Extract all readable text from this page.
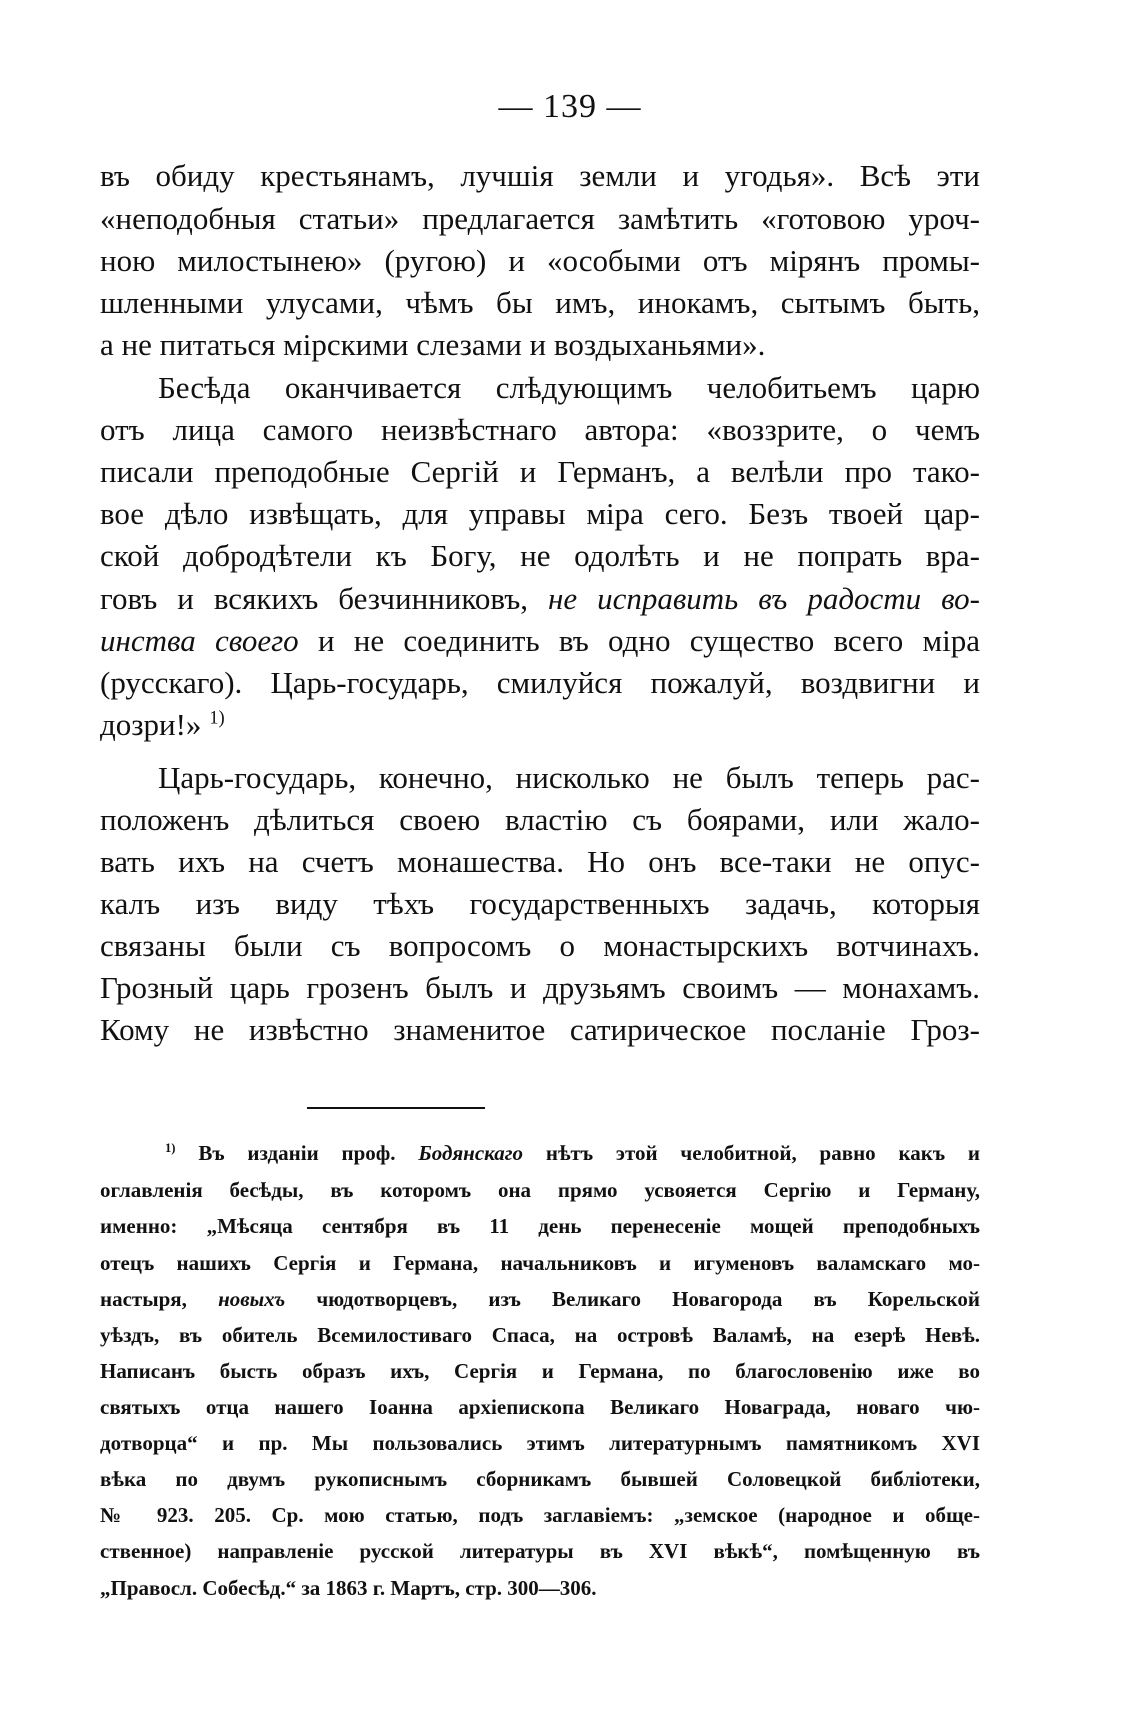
— 139 —
въ обиду крестьянамъ, лучшія земли и угодья». Всѣ эти
«неподобныя статьи» предлагается замѣтить «готовою уроч-
ною милостынею» (ругою) и «особыми отъ мірянъ промы-
шленными улусами, чѣмъ бы имъ, инокамъ, сытымъ быть,
а не питаться мірскими слезами и воздыханьями».
Бесѣда оканчивается слѣдующимъ челобитьемъ царю
отъ лица самого неизвѣстнаго автора: «воззрите, о чемъ
писали преподобные Сергій и Германъ, а велѣли про тако-
вое дѣло извѣщать, для управы міра сего. Безъ твоей цар-
ской добродѣтели къ Богу, не одолѣть и не попрать вра-
говъ и всякихъ безчинниковъ, не исправить въ радости во-
инства своего и не соединить въ одно существо всего міра
(русскаго). Царь-государь, смилуйся пожалуй, воздвигни и
дозри!» $^{1)}$
Царь-государь, конечно, нисколько не былъ теперь рас-
положенъ дѣлиться своею властію съ боярами, или жало-
вать ихъ на счетъ монашества. Но онъ все-таки не опус-
калъ изъ виду тѣхъ государственныхъ задачь, которыя
связаны были съ вопросомъ о монастырскихъ вотчинахъ.
Грозный царь грозенъ былъ и друзьямъ своимъ — монахамъ.
Кому не извѣстно знаменитое сатирическое посланіе Гроз-
$^{1)}$ Въ изданіи проф. Бодянскаго нѣтъ этой челобитной, равно какъ и
оглавленія бесѣды, въ которомъ она прямо усвояется Сергію и Герману,
именно: „Мѣсяца сентября въ 11 день перенесеніе мощей преподобныхъ
отецъ нашихъ Сергія и Германа, начальниковъ и игуменовъ валамскаго мо-
настыря, новыхъ чюдотворцевъ, изъ Великаго Новагорода въ Корельской
уѣздъ, въ обитель Всемилостиваго Спаса, на островѣ Валамѣ, на езерѣ Невѣ.
Написанъ бысть образъ ихъ, Сергія и Германа, по благословенію иже во
святыхъ отца нашего Іоанна архіепископа Великаго Новаграда, новаго чю-
дотворца“ и пр. Мы пользовались этимъ литературнымъ памятникомъ XVI
вѣка по двумъ рукописнымъ сборникамъ бывшей Соловецкой библіотеки,
№ 923. 205. Ср. мою статью, подъ заглавіемъ: „земское (народное и обще-
ственное) направленіе русской литературы въ XVI вѣкѣ“, помѣщенную въ
„Правосл. Собесѣд.“ за 1863 г. Мартъ, стр. 300—306.
